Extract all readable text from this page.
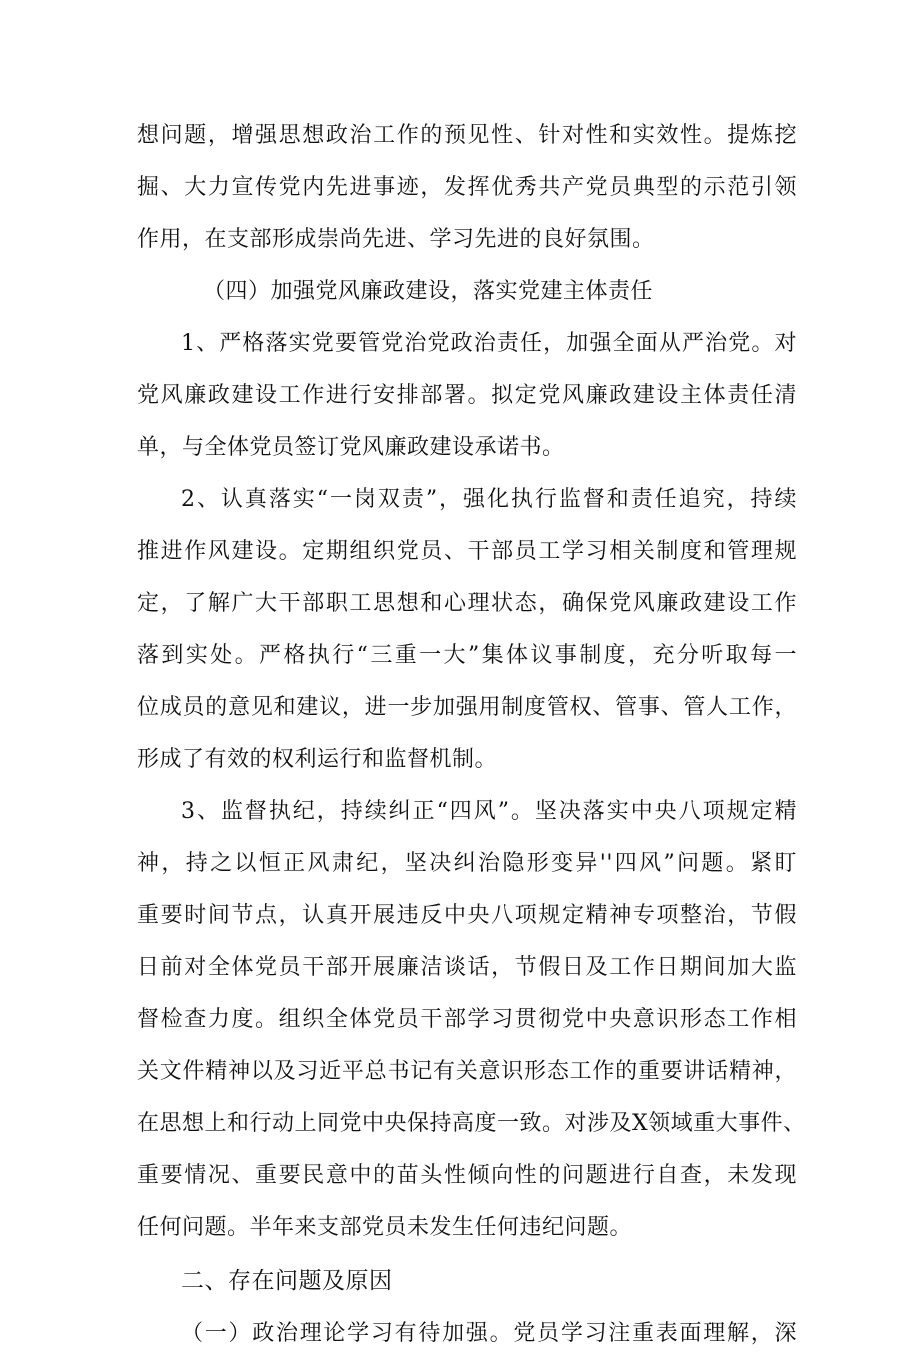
想问题，增强思想政治工作的预见性、针对性和实效性。提炼挖
掘、大力宣传党内先进事迹，发挥优秀共产党员典型的示范引领
作用，在支部形成崇尚先进、学习先进的良好氛围。
（四）加强党风廉政建设，落实党建主体责任
1、严格落实党要管党治党政治责任，加强全面从严治党。对
党风廉政建设工作进行安排部署。拟定党风廉政建设主体责任清
单，与全体党员签订党风廉政建设承诺书。
2、认真落实“一岗双责”，强化执行监督和责任追究，持续
推进作风建设。定期组织党员、干部员工学习相关制度和管理规
定，了解广大干部职工思想和心理状态，确保党风廉政建设工作
落到实处。严格执行“三重一大”集体议事制度，充分听取每一
位成员的意见和建议，进一步加强用制度管权、管事、管人工作，
形成了有效的权利运行和监督机制。
3、监督执纪，持续纠正“四风”。坚决落实中央八项规定精
神，持之以恒正风肃纪，坚决纠治隐形变异''四风”问题。紧盯
重要时间节点，认真开展违反中央八项规定精神专项整治，节假
日前对全体党员干部开展廉洁谈话，节假日及工作日期间加大监
督检查力度。组织全体党员干部学习贯彻党中央意识形态工作相
关文件精神以及习近平总书记有关意识形态工作的重要讲话精神，
在思想上和行动上同党中央保持高度一致。对涉及X领域重大事件、
重要情况、重要民意中的苗头性倾向性的问题进行自查，未发现
任何问题。半年来支部党员未发生任何违纪问题。
二、存在问题及原因
（一）政治理论学习有待加强。党员学习注重表面理解，深
